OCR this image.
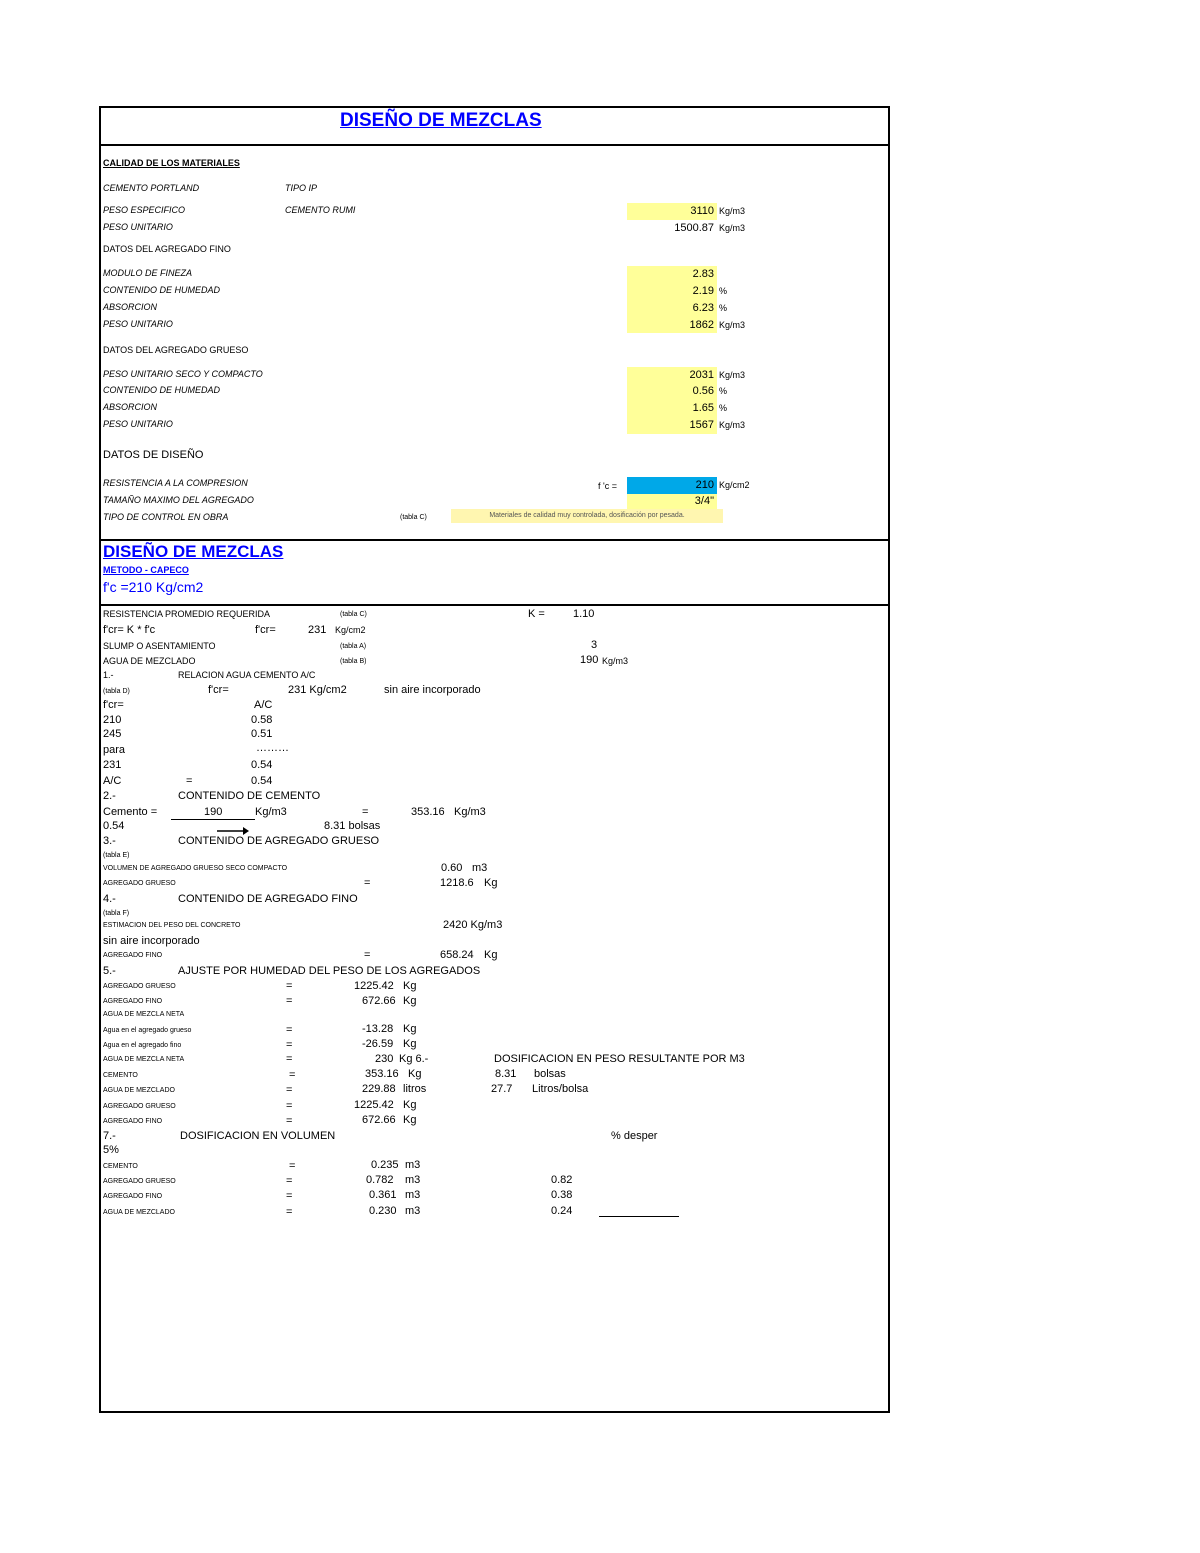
DISEÑO DE MEZCLAS
CALIDAD DE LOS MATERIALES
CEMENTO PORTLAND	TIPO IP
PESO ESPECIFICO	CEMENTO RUMI	3110 Kg/m3
PESO UNITARIO	1500.87 Kg/m3
DATOS DEL AGREGADO FINO
MODULO DE FINEZA	2.83
CONTENIDO DE HUMEDAD	2.19 %
ABSORCION	6.23 %
PESO UNITARIO	1862 Kg/m3
DATOS DEL AGREGADO GRUESO
PESO UNITARIO SECO Y COMPACTO	2031 Kg/m3
CONTENIDO DE HUMEDAD	0.56 %
ABSORCION	1.65 %
PESO UNITARIO	1567 Kg/m3
DATOS DE DISEÑO
RESISTENCIA A LA COMPRESION	f 'c =	210 Kg/cm2
TAMAÑO MAXIMO DEL AGREGADO	3/4"
TIPO DE CONTROL EN OBRA	(tabla C)	Materiales de calidad muy controlada, dosificación por pesada.
DISEÑO DE MEZCLAS
METODO - CAPECO
f'c =210 Kg/cm2
RESISTENCIA PROMEDIO REQUERIDA	(tabla C)	K =	1.10
f'cr= K * f'c	f'cr=	231 Kg/cm2
SLUMP O ASENTAMIENTO	(tabla A)	3
AGUA DE MEZCLADO	(tabla B)	190 Kg/m3
1.-	RELACION AGUA CEMENTO A/C
(tabla D)	f'cr=	231 Kg/cm2	sin aire incorporado
f'cr=	A/C
210	0.58
245	0.51
para	………
231	0.54
A/C	=	0.54
2.-	CONTENIDO DE CEMENTO
Cemento =	190	Kg/m3	=	353.16 Kg/m3
0.54	8.31 bolsas
3.-	CONTENIDO DE AGREGADO GRUESO
(tabla E)
VOLUMEN DE AGREGADO GRUESO SECO COMPACTO	0.60 m3
AGREGADO GRUESO	=	1218.6 Kg
4.-	CONTENIDO DE AGREGADO FINO
(tabla F)
ESTIMACION DEL PESO DEL CONCRETO	2420 Kg/m3
sin aire incorporado
AGREGADO FINO	=	658.24 Kg
5.-	AJUSTE POR HUMEDAD DEL PESO DE LOS AGREGADOS
AGREGADO GRUESO	=	1225.42 Kg
AGREGADO FINO	=	672.66 Kg
AGUA DE MEZCLA NETA
Agua en el agregado grueso	=	-13.28 Kg
Agua en el agregado fino	=	-26.59 Kg
AGUA DE MEZCLA NETA	=	230 Kg 6.-	DOSIFICACION EN PESO RESULTANTE POR M3
CEMENTO	=	353.16 Kg	8.31 bolsas
AGUA DE MEZCLADO	=	229.88 litros	27.7 Litros/bolsa
AGREGADO GRUESO	=	1225.42 Kg
AGREGADO FINO	=	672.66 Kg
7.-	DOSIFICACION EN VOLUMEN	% desper
5%
CEMENTO	=	0.235 m3
AGREGADO GRUESO	=	0.782 m3	0.82
AGREGADO FINO	=	0.361 m3	0.38
AGUA DE MEZCLADO	=	0.230 m3	0.24
